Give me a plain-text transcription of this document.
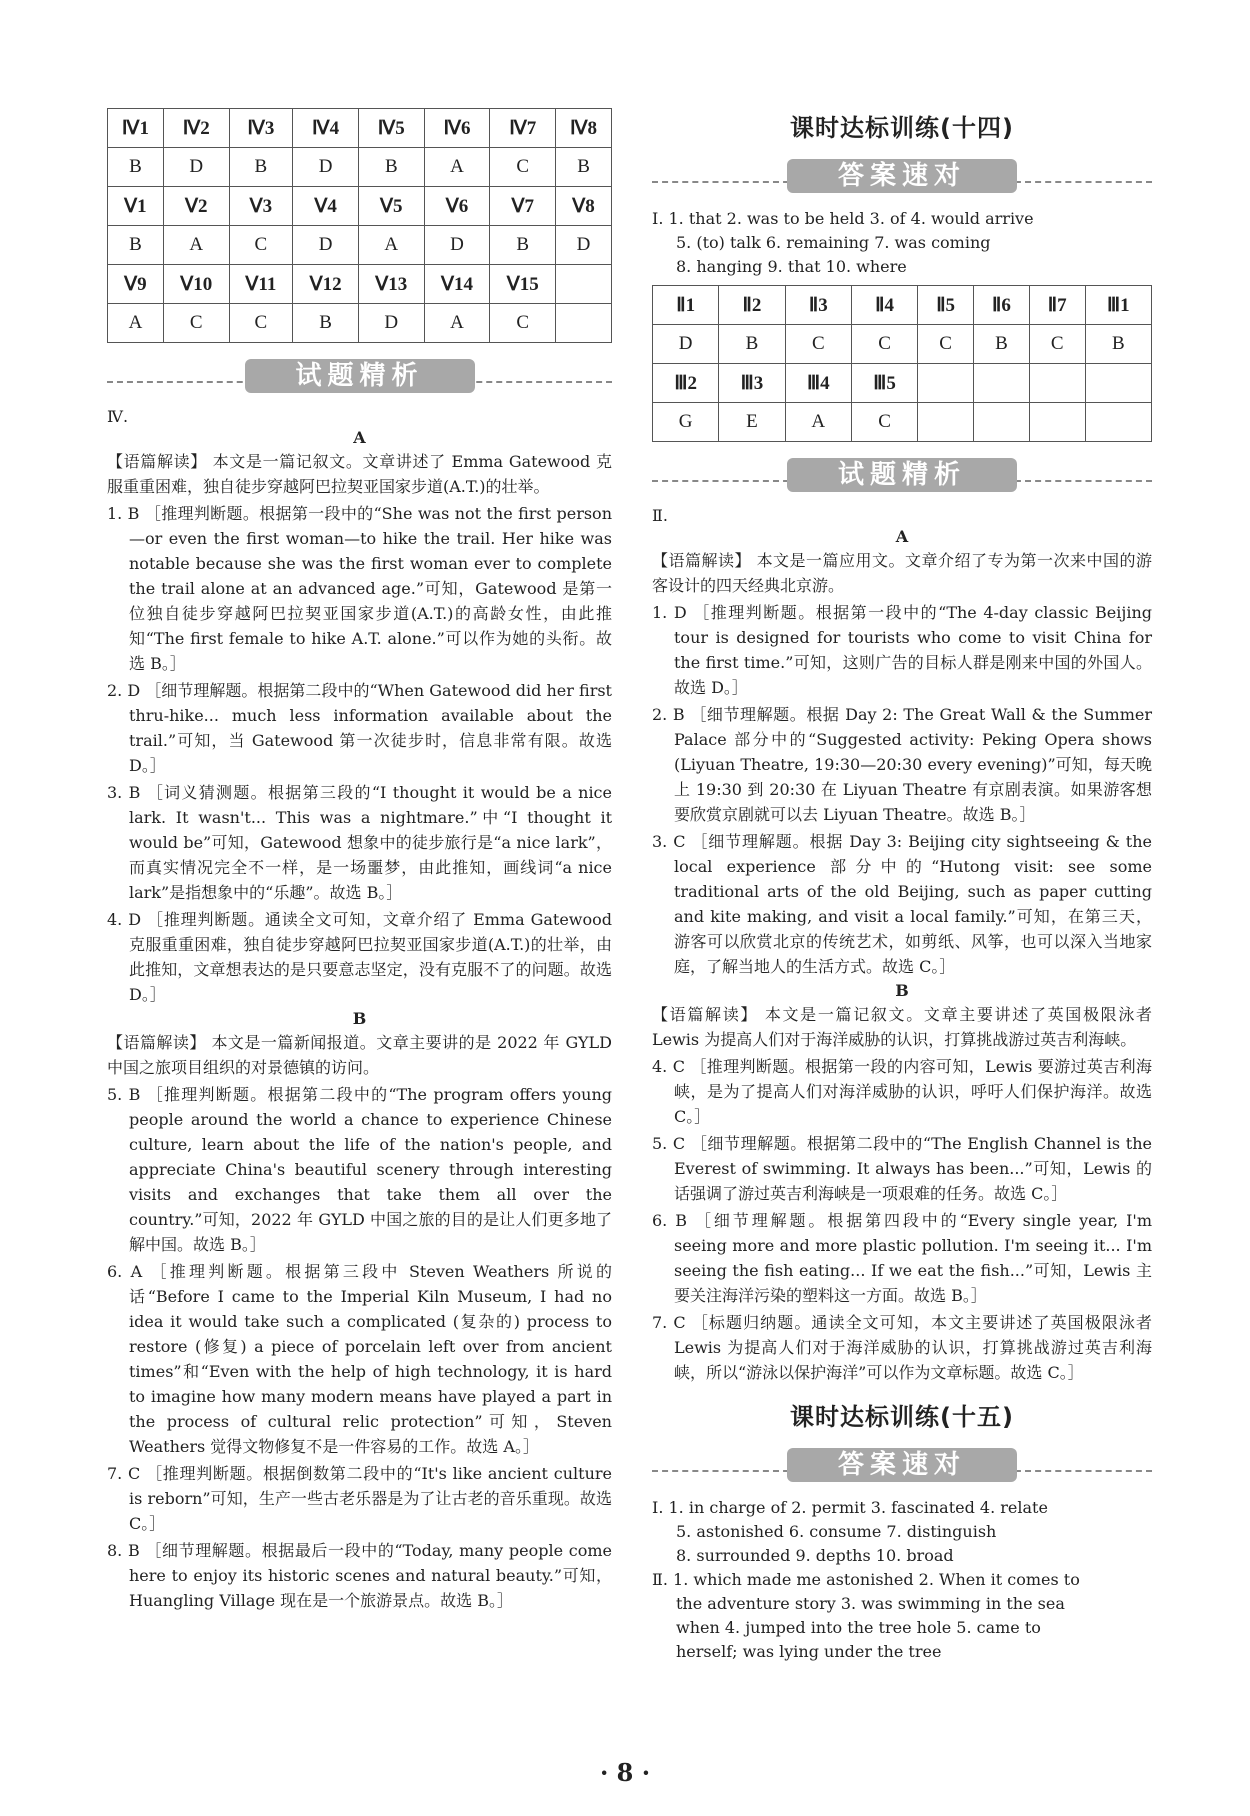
Ⅳ1	Ⅳ2	Ⅳ3	Ⅳ4	Ⅳ5	Ⅳ6	Ⅳ7	Ⅳ8
B	D	B	D	B	A	C	B
Ⅴ1	Ⅴ2	Ⅴ3	Ⅴ4	Ⅴ5	Ⅴ6	Ⅴ7	Ⅴ8
B	A	C	D	A	D	B	D
Ⅴ9	Ⅴ10	Ⅴ11	Ⅴ12	Ⅴ13	Ⅴ14	Ⅴ15	
A	C	C	B	D	A	C	
试题精析
Ⅳ.
A

【语篇解读】 本文是一篇记叙文。文章讲述了 Emma Gatewood 克服重重困难，独自徒步穿越阿巴拉契亚国家步道(A.T.)的壮举。

1. B ［推理判断题。根据第一段中的“She was not the first person—or even the first woman—to hike the trail. Her hike was notable because she was the first woman ever to complete the trail alone at an advanced age.”可知，Gatewood 是第一位独自徒步穿越阿巴拉契亚国家步道(A.T.)的高龄女性，由此推知“The first female to hike A.T. alone.”可以作为她的头衔。故选 B。］

2. D ［细节理解题。根据第二段中的“When Gatewood did her first thru-hike... much less information available about the trail.”可知，当 Gatewood 第一次徒步时，信息非常有限。故选 D。］

3. B ［词义猜测题。根据第三段的“I thought it would be a nice lark. It wasn't... This was a nightmare.”中“I thought it would be”可知，Gatewood 想象中的徒步旅行是“a nice lark”，而真实情况完全不一样，是一场噩梦，由此推知，画线词“a nice lark”是指想象中的“乐趣”。故选 B。］

4. D ［推理判断题。通读全文可知，文章介绍了 Emma Gatewood 克服重重困难，独自徒步穿越阿巴拉契亚国家步道(A.T.)的壮举，由此推知，文章想表达的是只要意志坚定，没有克服不了的问题。故选 D。］

B

【语篇解读】 本文是一篇新闻报道。文章主要讲的是 2022 年 GYLD 中国之旅项目组织的对景德镇的访问。

5. B ［推理判断题。根据第二段中的“The program offers young people around the world a chance to experience Chinese culture, learn about the life of the nation's people, and appreciate China's beautiful scenery through interesting visits and exchanges that take them all over the country.”可知，2022 年 GYLD 中国之旅的目的是让人们更多地了解中国。故选 B。］

6. A ［推理判断题。根据第三段中 Steven Weathers 所说的话“Before I came to the Imperial Kiln Museum, I had no idea it would take such a complicated (复杂的) process to restore (修复) a piece of porcelain left over from ancient times”和“Even with the help of high technology, it is hard to imagine how many modern means have played a part in the process of cultural relic protection”可知，Steven Weathers 觉得文物修复不是一件容易的工作。故选 A。］

7. C ［推理判断题。根据倒数第二段中的“It's like ancient culture is reborn”可知，生产一些古老乐器是为了让古老的音乐重现。故选 C。］

8. B ［细节理解题。根据最后一段中的“Today, many people come here to enjoy its historic scenes and natural beauty.”可知，Huangling Village 现在是一个旅游景点。故选 B。］

课时达标训练(十四)
答案速对

Ⅰ. 1. that 2. was to be held 3. of 4. would arrive

5. (to) talk 6. remaining 7. was coming

8. hanging 9. that 10. where

Ⅱ1	Ⅱ2	Ⅱ3	Ⅱ4	Ⅱ5	Ⅱ6	Ⅱ7	Ⅲ1
D	B	C	C	C	B	C	B
Ⅲ2	Ⅲ3	Ⅲ4	Ⅲ5				
G	E	A	C				
试题精析
Ⅱ.
A

【语篇解读】 本文是一篇应用文。文章介绍了专为第一次来中国的游客设计的四天经典北京游。

1. D ［推理判断题。根据第一段中的“The 4-day classic Beijing tour is designed for tourists who come to visit China for the first time.”可知，这则广告的目标人群是刚来中国的外国人。故选 D。］

2. B ［细节理解题。根据 Day 2: The Great Wall & the Summer Palace 部分中的“Suggested activity: Peking Opera shows (Liyuan Theatre, 19:30—20:30 every evening)”可知，每天晚上 19:30 到 20:30 在 Liyuan Theatre 有京剧表演。如果游客想要欣赏京剧就可以去 Liyuan Theatre。故选 B。］

3. C ［细节理解题。根据 Day 3: Beijing city sightseeing & the local experience 部分中的“Hutong visit: see some traditional arts of the old Beijing, such as paper cutting and kite making, and visit a local family.”可知，在第三天，游客可以欣赏北京的传统艺术，如剪纸、风筝，也可以深入当地家庭，了解当地人的生活方式。故选 C。］

B

【语篇解读】 本文是一篇记叙文。文章主要讲述了英国极限泳者 Lewis 为提高人们对于海洋威胁的认识，打算挑战游过英吉利海峡。

4. C ［推理判断题。根据第一段的内容可知，Lewis 要游过英吉利海峡，是为了提高人们对海洋威胁的认识，呼吁人们保护海洋。故选 C。］

5. C ［细节理解题。根据第二段中的“The English Channel is the Everest of swimming. It always has been...”可知，Lewis 的话强调了游过英吉利海峡是一项艰难的任务。故选 C。］

6. B ［细节理解题。根据第四段中的“Every single year, I'm seeing more and more plastic pollution. I'm seeing it... I'm seeing the fish eating... If we eat the fish...”可知，Lewis 主要关注海洋污染的塑料这一方面。故选 B。］

7. C ［标题归纳题。通读全文可知，本文主要讲述了英国极限泳者 Lewis 为提高人们对于海洋威胁的认识，打算挑战游过英吉利海峡，所以“游泳以保护海洋”可以作为文章标题。故选 C。］

课时达标训练(十五)
答案速对

Ⅰ. 1. in charge of 2. permit 3. fascinated 4. relate

5. astonished 6. consume 7. distinguish

8. surrounded 9. depths 10. broad

Ⅱ. 1. which made me astonished 2. When it comes to

the adventure story 3. was swimming in the sea

when 4. jumped into the tree hole 5. came to

herself; was lying under the tree

· 8 ·
